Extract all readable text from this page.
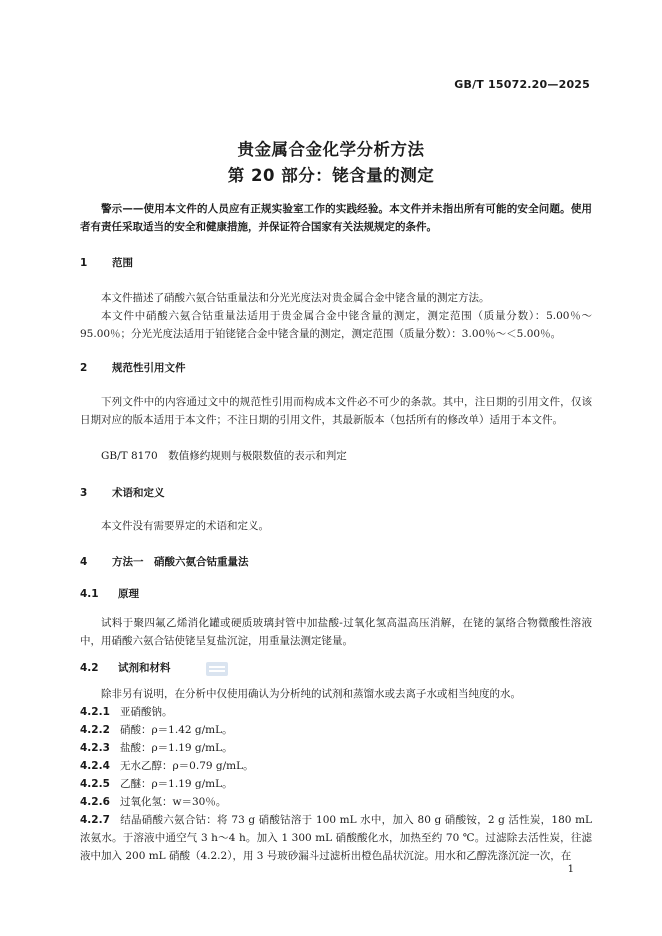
GB/T 15072.20—2025
贵金属合金化学分析方法
第 20 部分：铑含量的测定
警示——使用本文件的人员应有正规实验室工作的实践经验。本文件并未指出所有可能的安全问题。使用者有责任采取适当的安全和健康措施，并保证符合国家有关法规规定的条件。
1 范围
本文件描述了硝酸六氨合钴重量法和分光光度法对贵金属合金中铑含量的测定方法。
本文件中硝酸六氨合钴重量法适用于贵金属合金中铑含量的测定，测定范围（质量分数）：5.00％～95.00％；分光光度法适用于铂铑铑合金中铑含量的测定，测定范围（质量分数）：3.00％～＜5.00％。
2 规范性引用文件
下列文件中的内容通过文中的规范性引用而构成本文件必不可少的条款。其中，注日期的引用文件，仅该日期对应的版本适用于本文件；不注日期的引用文件，其最新版本（包括所有的修改单）适用于本文件。
GB/T 8170　数值修约规则与极限数值的表示和判定
3 术语和定义
本文件没有需要界定的术语和定义。
4 方法一　硝酸六氨合钴重量法
4.1 原理
试料于聚四氟乙烯消化罐或硬质玻璃封管中加盐酸-过氧化氢高温高压消解，在铑的氯络合物微酸性溶液中，用硝酸六氨合钴使铑呈复盐沉淀，用重量法测定铑量。
4.2 试剂和材料
除非另有说明，在分析中仅使用确认为分析纯的试剂和蒸馏水或去离子水或相当纯度的水。
4.2.1 亚硝酸钠。
4.2.2 硝酸：ρ＝1.42 g/mL。
4.2.3 盐酸：ρ＝1.19 g/mL。
4.2.4 无水乙醇：ρ＝0.79 g/mL。
4.2.5 乙醚：ρ＝1.19 g/mL。
4.2.6 过氧化氢：w＝30％。
4.2.7 结晶硝酸六氨合钴：将 73 g 硝酸钴溶于 100 mL 水中，加入 80 g 硝酸铵，2 g 活性炭，180 mL 浓氨水。于溶液中通空气 3 h～4 h。加入 1 300 mL 硝酸酸化水，加热至约 70 ℃。过滤除去活性炭，往滤液中加入 200 mL 硝酸（4.2.2），用 3 号玻砂漏斗过滤析出橙色晶状沉淀。用水和乙醇洗涤沉淀一次，在
1
